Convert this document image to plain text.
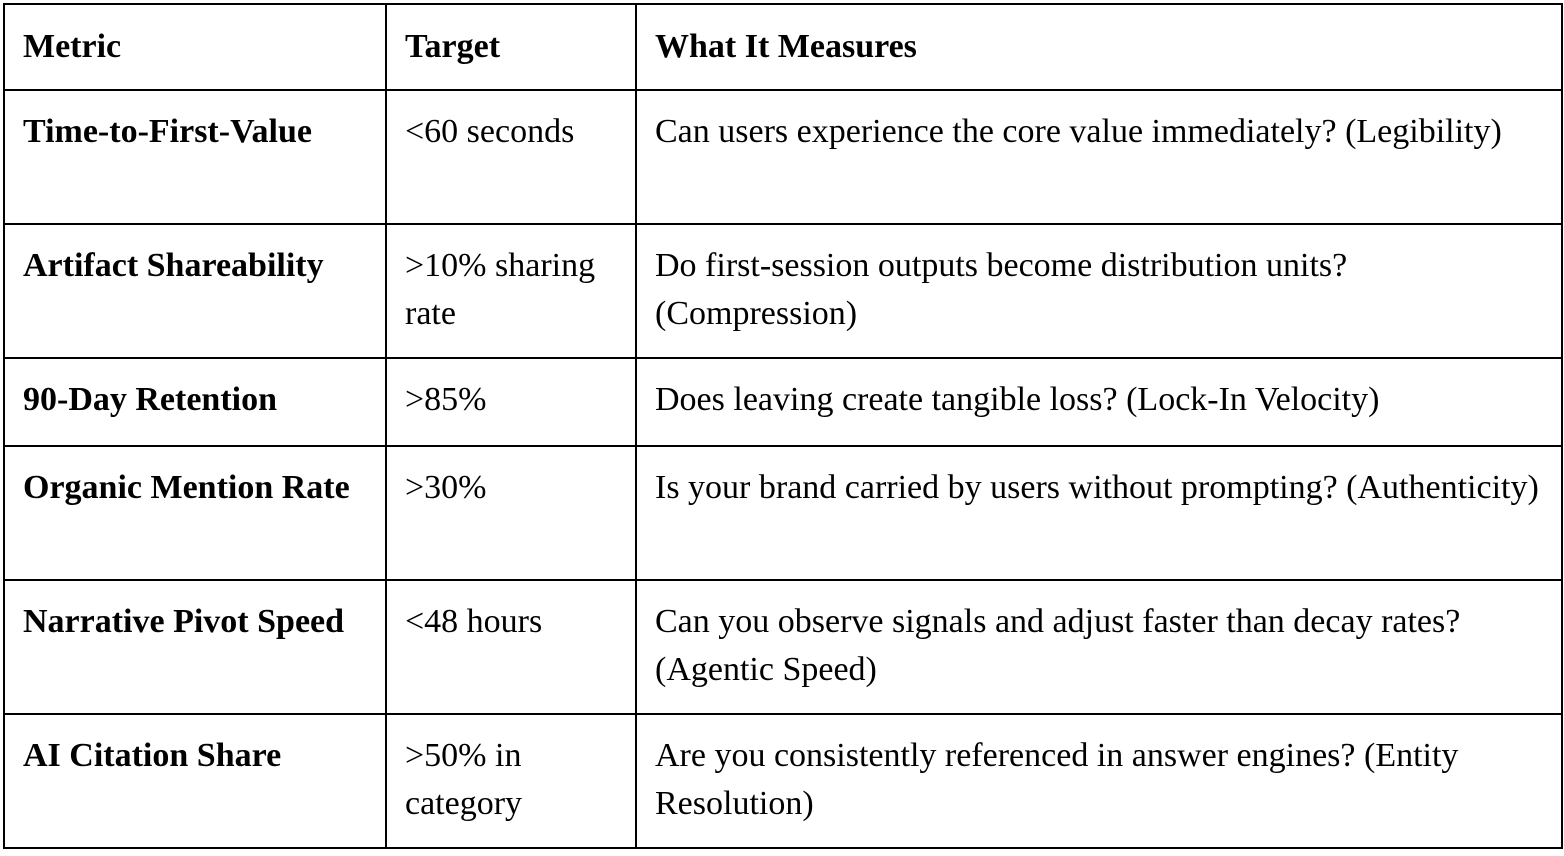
Metric	Target	What It Measures
Time-to-First-Value	<60 seconds	Can users experience the core value immediately? (Legibility)
Artifact Shareability	>10% sharing rate	Do first-session outputs become distribution units? (Compression)
90-Day Retention	>85%	Does leaving create tangible loss? (Lock-In Velocity)
Organic Mention Rate	>30%	Is your brand carried by users without prompting? (Authenticity)
Narrative Pivot Speed	<48 hours	Can you observe signals and adjust faster than decay rates? (Agentic Speed)
AI Citation Share	>50% in category	Are you consistently referenced in answer engines? (Entity Resolution)
